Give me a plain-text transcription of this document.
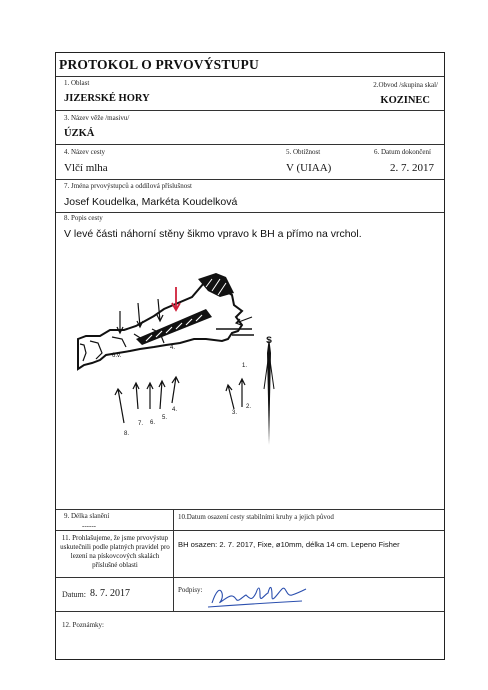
PROTOKOL O PRVOVÝSTUPU
1. Oblast
JIZERSKÉ HORY
2.Obvod /skupina skal/
KOZINEC
3. Název věže /masivu/
ÚZKÁ
4. Název cesty
Vlčí mlha
5. Obtížnost
V (UIAA)
6. Datum dokončení
2. 7. 2017
7. Jména prvovýstupců a oddílová příslušnost
Josef Koudelka, Markéta Koudelková
8. Popis cesty
V levé části náhorní stěny šikmo vpravo k BH a přímo na vrchol.
S
6.v.
4.
1.
2.
3.
4.
5.
6.
7.
8.
9. Délka slanění
------
10.Datum osazení cesty stabilními kruhy a jejich původ
11. Prohlašujeme, že jsme prvovýstup uskutečnili podle platných pravidel pro lezení na pískovcových skalách příslušné oblasti
BH osazen: 2. 7. 2017, Fixe, ø10mm, délka 14 cm. Lepeno Fisher
Datum: 8. 7. 2017	Podpisy:
12. Poznámky:
